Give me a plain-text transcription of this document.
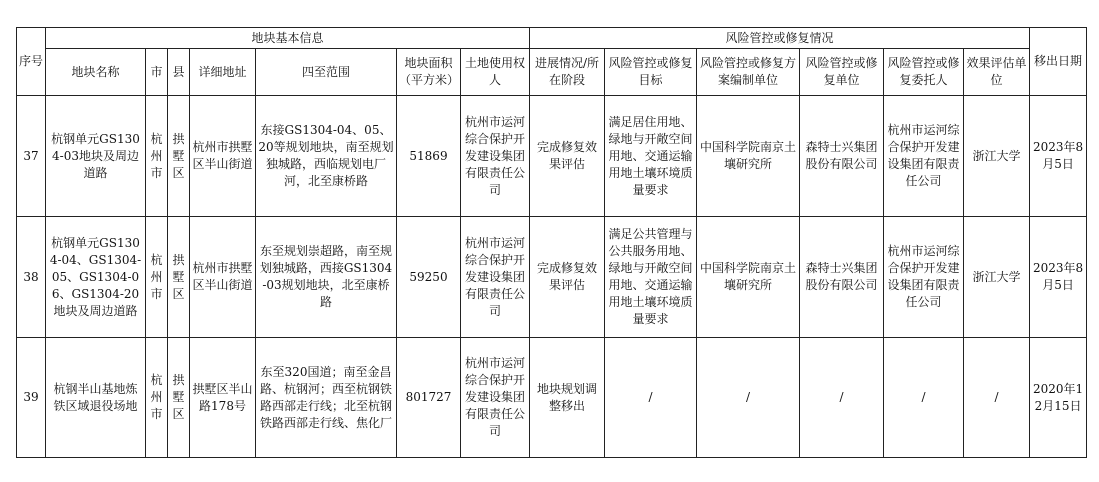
序号	地块基本信息							风险管控或修复情况						移出日期
	地块名称	市	县	详细地址	四至范围	地块面积（平方米）	土地使用权人	进展情况/所在阶段	风险管控或修复目标	风险管控或修复方案编制单位	风险管控或修复单位	风险管控或修复委托人	效果评估单位	
37	杭钢单元GS1304-03地块及周边道路	杭州市	拱墅区	杭州市拱墅区半山街道	东接GS1304-04、05、20等规划地块，南至规划独城路，西临规划电厂河，北至康桥路	51869	杭州市运河综合保护开发建设集团有限责任公司	完成修复效果评估	满足居住用地、绿地与开敞空间用地、交通运输用地土壤环境质量要求	中国科学院南京土壤研究所	森特士兴集团股份有限公司	杭州市运河综合保护开发建设集团有限责任公司	浙江大学	2023年8月5日
38	杭钢单元GS1304-04、GS1304-05、GS1304-06、GS1304-20地块及周边道路	杭州市	拱墅区	杭州市拱墅区半山街道	东至规划崇超路，南至规划独城路，西接GS1304-03规划地块，北至康桥路	59250	杭州市运河综合保护开发建设集团有限责任公司	完成修复效果评估	满足公共管理与公共服务用地、绿地与开敞空间用地、交通运输用地土壤环境质量要求	中国科学院南京土壤研究所	森特士兴集团股份有限公司	杭州市运河综合保护开发建设集团有限责任公司	浙江大学	2023年8月5日
39	杭钢半山基地炼铁区域退役场地	杭州市	拱墅区	拱墅区半山路178号	东至320国道；南至金昌路、杭钢河；西至杭钢铁路西部走行线；北至杭钢铁路西部走行线、焦化厂	801727	杭州市运河综合保护开发建设集团有限责任公司	地块规划调整移出	/	/	/	/	/	2020年12月15日
